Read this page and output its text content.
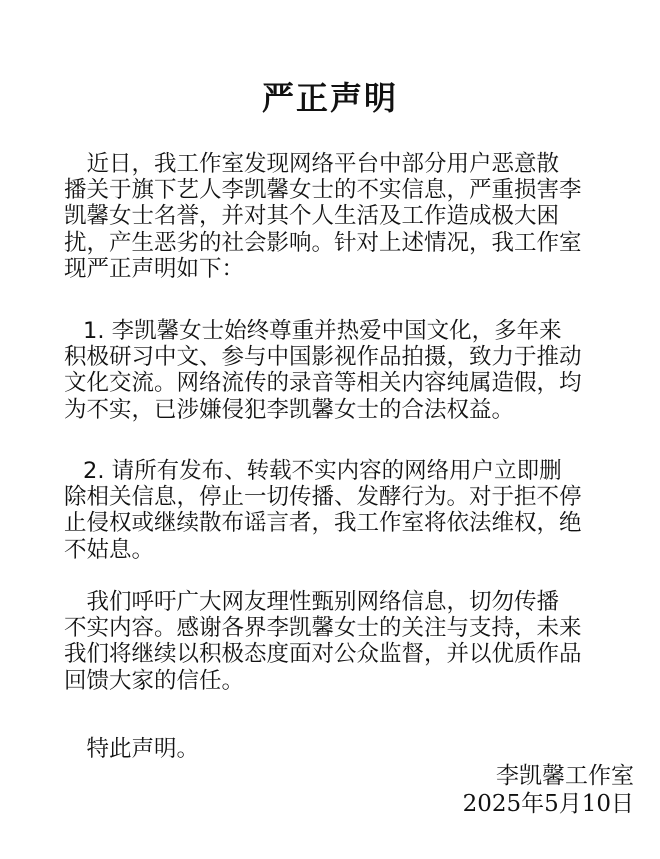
严正声明

　近日，我工作室发现网络平台中部分用户恶意散
播关于旗下艺人李凯馨女士的不实信息，严重损害李
凯馨女士名誉，并对其个人生活及工作造成极大困
扰，产生恶劣的社会影响。针对上述情况，我工作室
现严正声明如下：

1. 李凯馨女士始终尊重并热爱中国文化，多年来
积极研习中文、参与中国影视作品拍摄，致力于推动
文化交流。网络流传的录音等相关内容纯属造假，均
为不实，已涉嫌侵犯李凯馨女士的合法权益。

2. 请所有发布、转载不实内容的网络用户立即删
除相关信息，停止一切传播、发酵行为。对于拒不停
止侵权或继续散布谣言者，我工作室将依法维权，绝
不姑息。

　我们呼吁广大网友理性甄别网络信息，切勿传播
不实内容。感谢各界李凯馨女士的关注与支持，未来
我们将继续以积极态度面对公众监督，并以优质作品
回馈大家的信任。

　特此声明。

李凯馨工作室
2025年5月10日
